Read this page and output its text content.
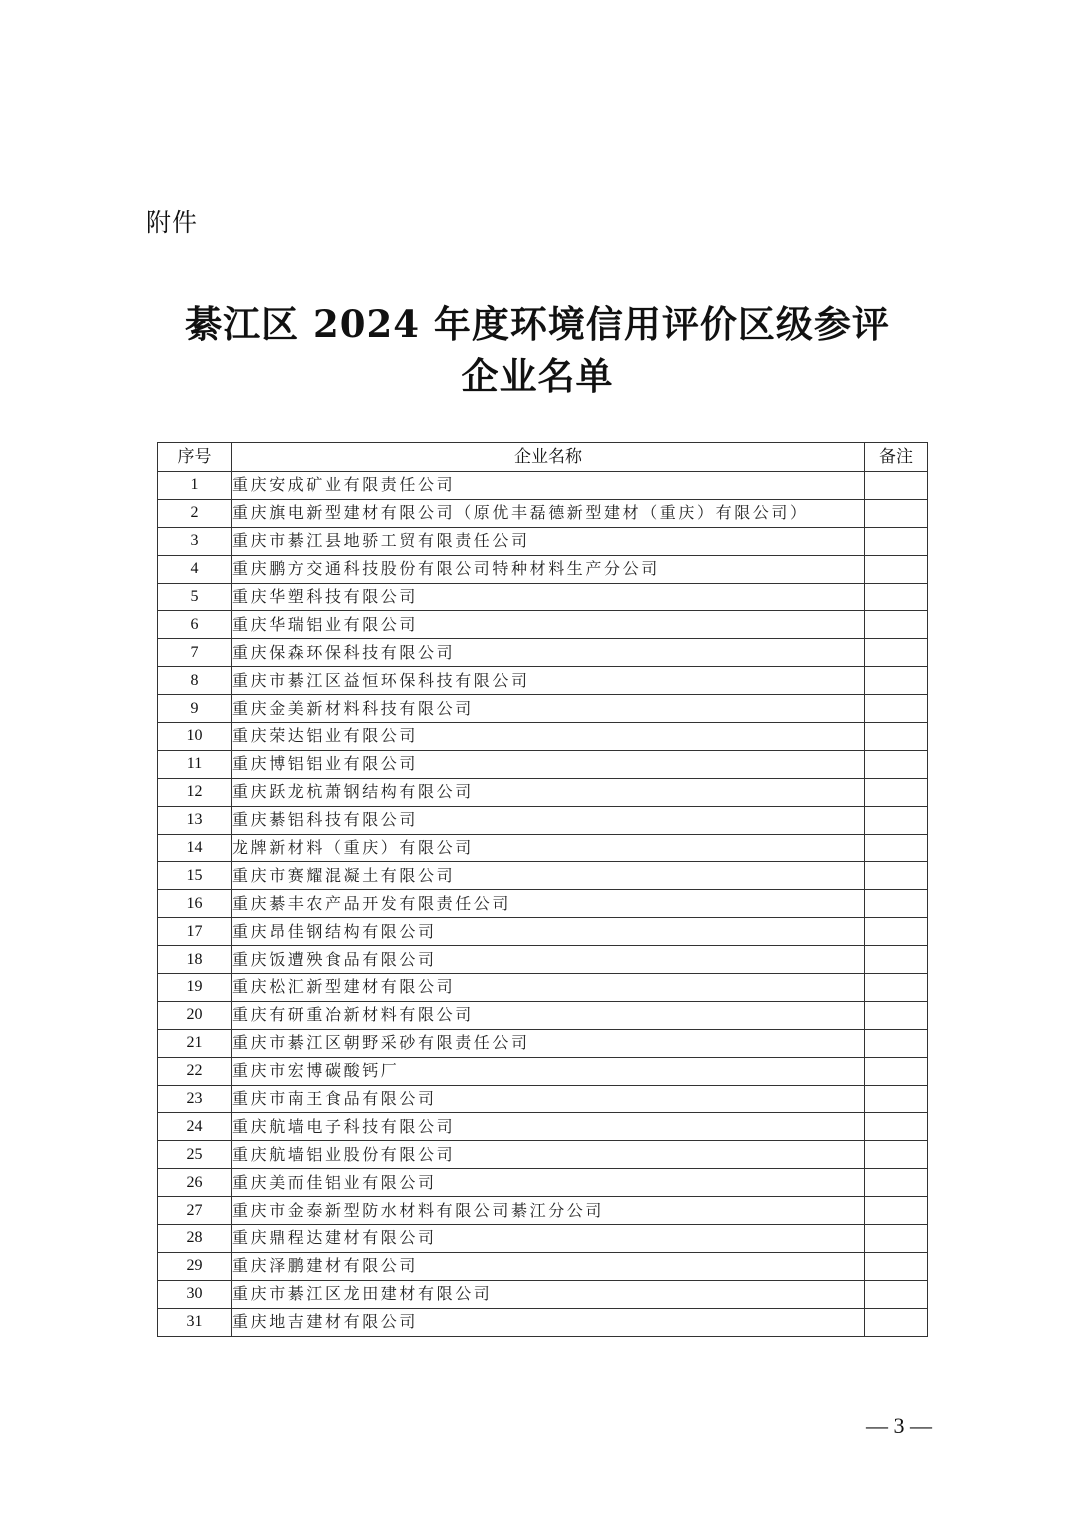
附件
綦江区 2024 年度环境信用评价区级参评
企业名单
序号	企业名称	备注
1	重庆安成矿业有限责任公司	
2	重庆旗电新型建材有限公司（原优丰磊德新型建材（重庆）有限公司）	
3	重庆市綦江县地骄工贸有限责任公司	
4	重庆鹏方交通科技股份有限公司特种材料生产分公司	
5	重庆华塑科技有限公司	
6	重庆华瑞铝业有限公司	
7	重庆保森环保科技有限公司	
8	重庆市綦江区益恒环保科技有限公司	
9	重庆金美新材料科技有限公司	
10	重庆荣达铝业有限公司	
11	重庆博铝铝业有限公司	
12	重庆跃龙杭萧钢结构有限公司	
13	重庆綦铝科技有限公司	
14	龙牌新材料（重庆）有限公司	
15	重庆市赛耀混凝土有限公司	
16	重庆綦丰农产品开发有限责任公司	
17	重庆昂佳钢结构有限公司	
18	重庆饭遭殃食品有限公司	
19	重庆松汇新型建材有限公司	
20	重庆有研重冶新材料有限公司	
21	重庆市綦江区朝野采砂有限责任公司	
22	重庆市宏博碳酸钙厂	
23	重庆市南王食品有限公司	
24	重庆航墙电子科技有限公司	
25	重庆航墙铝业股份有限公司	
26	重庆美而佳铝业有限公司	
27	重庆市金泰新型防水材料有限公司綦江分公司	
28	重庆鼎程达建材有限公司	
29	重庆泽鹏建材有限公司	
30	重庆市綦江区龙田建材有限公司	
31	重庆地吉建材有限公司	
— 3 —
